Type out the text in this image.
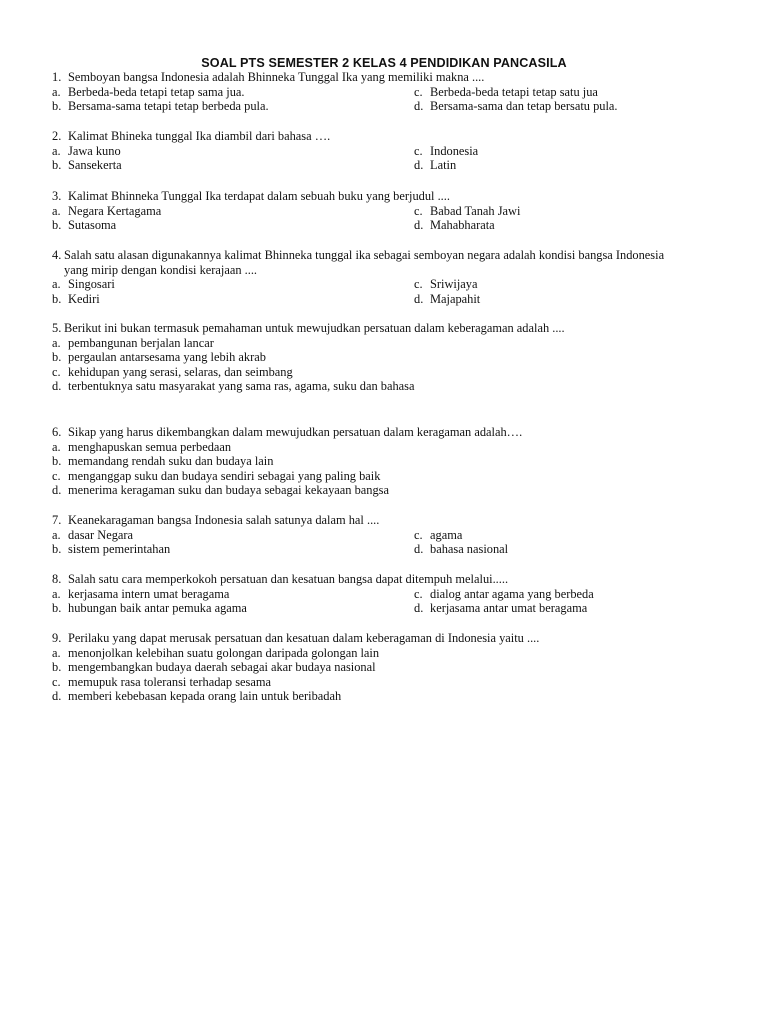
SOAL PTS SEMESTER 2 KELAS 4 PENDIDIKAN PANCASILA
1. Semboyan bangsa Indonesia adalah Bhinneka Tunggal Ika yang memiliki makna ....
a. Berbeda-beda tetapi tetap sama jua.	c. Berbeda-beda tetapi tetap satu jua
b. Bersama-sama tetapi tetap berbeda pula.	d. Bersama-sama dan tetap bersatu pula.
2. Kalimat Bhineka tunggal Ika diambil dari bahasa ….
a. Jawa kuno	c. Indonesia
b. Sansekerta	d. Latin
3. Kalimat Bhinneka Tunggal Ika terdapat dalam sebuah buku yang berjudul ....
a. Negara Kertagama	c. Babad Tanah Jawi
b. Sutasoma	d. Mahabharata
4. Salah satu alasan digunakannya kalimat Bhinneka tunggal ika sebagai semboyan negara adalah kondisi bangsa Indonesia yang mirip dengan kondisi kerajaan ....
a. Singosari	c. Sriwijaya
b. Kediri	d. Majapahit
5. Berikut ini bukan termasuk pemahaman untuk mewujudkan persatuan dalam keberagaman adalah ....
a. pembangunan berjalan lancar
b. pergaulan antarsesama yang lebih akrab
c. kehidupan yang serasi, selaras, dan seimbang
d. terbentuknya satu masyarakat yang sama ras, agama, suku dan bahasa
6. Sikap yang harus dikembangkan dalam mewujudkan persatuan dalam keragaman adalah….
a. menghapuskan semua perbedaan
b. memandang rendah suku dan budaya lain
c. menganggap suku dan budaya sendiri sebagai yang paling baik
d. menerima keragaman suku dan budaya sebagai kekayaan bangsa
7. Keanekaragaman bangsa Indonesia salah satunya dalam hal ....
a. dasar Negara	c. agama
b. sistem pemerintahan	d. bahasa nasional
8. Salah satu cara memperkokoh persatuan dan kesatuan bangsa dapat ditempuh melalui.....
a. kerjasama intern umat beragama	c. dialog antar agama yang berbeda
b. hubungan baik antar pemuka agama	d. kerjasama antar umat beragama
9. Perilaku yang dapat merusak persatuan dan kesatuan dalam keberagaman di Indonesia yaitu ....
a. menonjolkan kelebihan suatu golongan daripada golongan lain
b. mengembangkan budaya daerah sebagai akar budaya nasional
c. memupuk rasa toleransi terhadap sesama
d. memberi kebebasan kepada orang lain untuk beribadah
